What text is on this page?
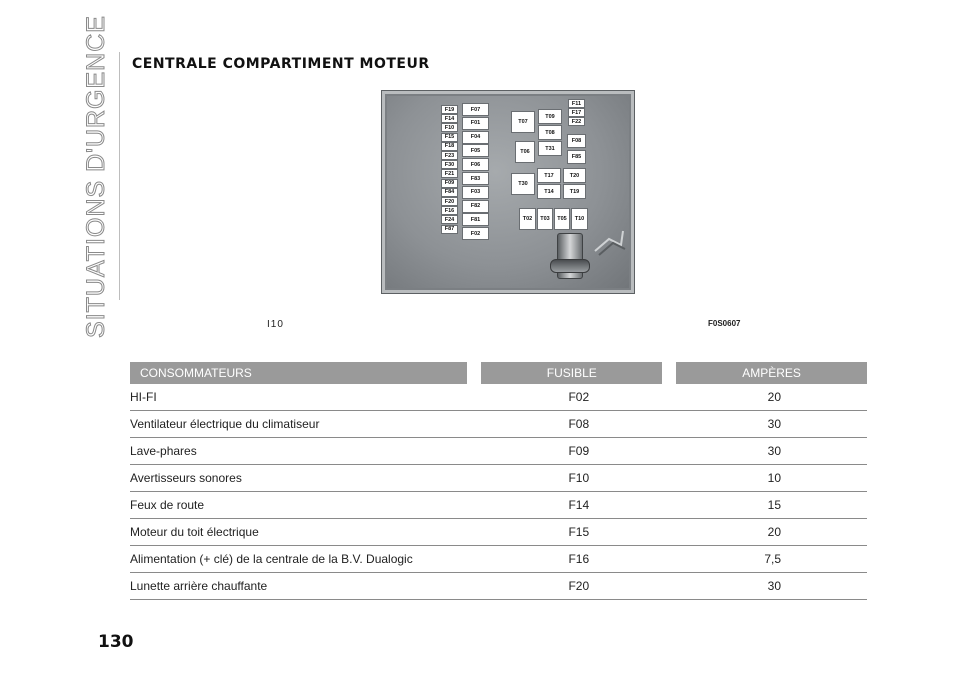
SITUATIONS D'URGENCE CENTRALE COMPARTIMENT MOTEUR
F19
F14
F10
F15
F18
F23
F30
F21
F09
F84
F20
F16
F24
F87
F07
F01
F04
F05
F06
F83
F03
F82
F81
F02
T07
T06
T30
T09
T08
T31
F11
F17
F22
F08
F85
T17	T20
T14	T19
T02	T03	T05	T10
I10	F0S0607
CONSOMMATEURS		FUSIBLE		AMPÈRES
HI-FI		F02		20
Ventilateur électrique du climatiseur		F08		30
Lave-phares		F09		30
Avertisseurs sonores		F10		10
Feux de route		F14		15
Moteur du toit électrique		F15		20
Alimentation (+ clé) de la centrale de la B.V. Dualogic		F16		7,5
Lunette arrière chauffante		F20		30
130
